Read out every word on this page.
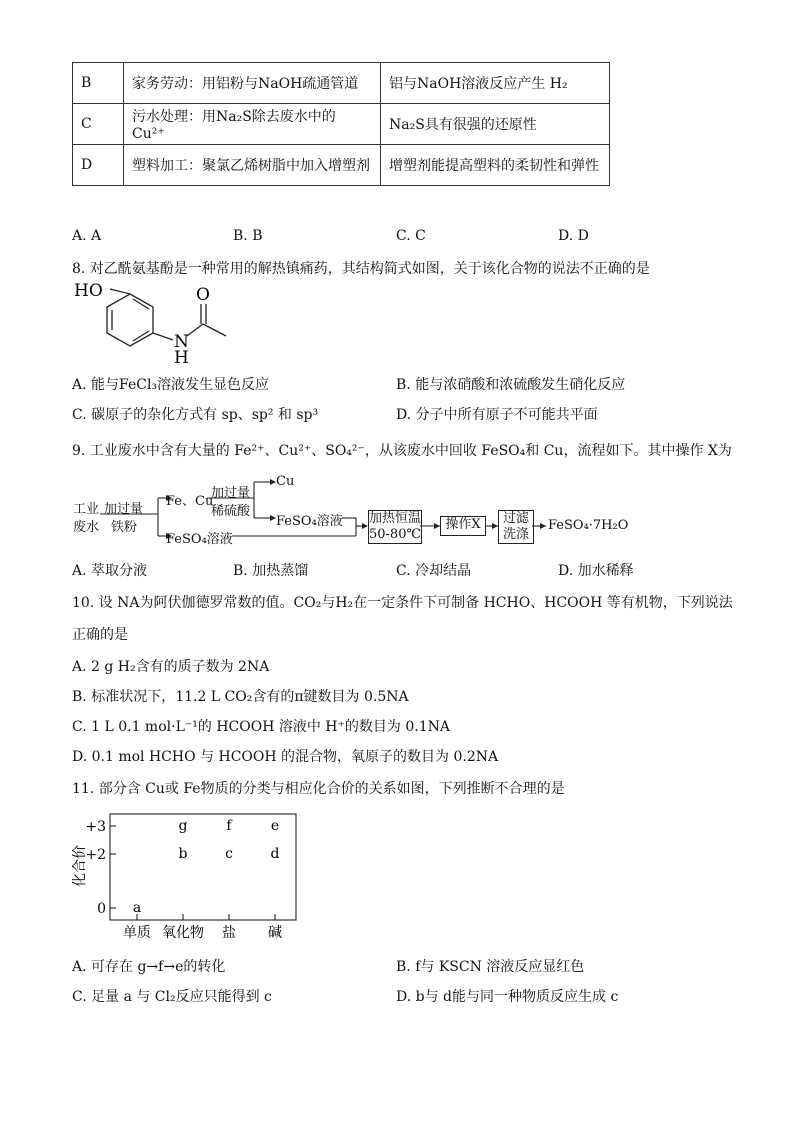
B	家务劳动：用铝粉与NaOH疏通管道	铝与NaOH溶液反应产生 H₂
C	污水处理：用Na₂S除去废水中的 Cu²⁺	Na₂S具有很强的还原性
D	塑料加工：聚氯乙烯树脂中加入增塑剂	增塑剂能提高塑料的柔韧性和弹性
A. A	B. B	C. C	D. D
8. 对乙酰氨基酚是一种常用的解热镇痛药，其结构简式如图，关于该化合物的说法不正确的是
HO	O
N
H
A. 能与FeCl₃溶液发生显色反应	B. 能与浓硝酸和浓硫酸发生硝化反应
C. 碳原子的杂化方式有 sp、sp² 和 sp³	D. 分子中所有原子不可能共平面
9. 工业废水中含有大量的 Fe²⁺、Cu²⁺、SO₄²⁻，从该废水中回收 FeSO₄和 Cu，流程如下。其中操作 X为
工业
废水
加过量
铁粉
Fe、Cu
FeSO₄溶液
加过量
稀硫酸
Cu
FeSO₄溶液 加热恒温
50-80℃
操作X	过滤
洗涤
FeSO₄·7H₂O
A. 萃取分液	B. 加热蒸馏	C. 冷却结晶	D. 加水稀释
10. 设 NA为阿伏伽德罗常数的值。CO₂与H₂在一定条件下可制备 HCHO、HCOOH 等有机物，下列说法
正确的是
A. 2 g H₂含有的质子数为 2NA
B. 标准状况下，11.2 L CO₂含有的π键数目为 0.5NA
C. 1 L 0.1 mol·L⁻¹的 HCOOH 溶液中 H⁺的数目为 0.1NA
D. 0.1 mol HCHO 与 HCOOH 的混合物，氧原子的数目为 0.2NA
11. 部分含 Cu或 Fe物质的分类与相应化合价的关系如图，下列推断不合理的是
+3
+2
0
单质 氧化物 盐 碱
a
b	c	d
g	f	e
化合价
A. 可存在 g→f→e的转化	B. f与 KSCN 溶液反应显红色
C. 足量 a 与 Cl₂反应只能得到 c	D. b与 d能与同一种物质反应生成 c
